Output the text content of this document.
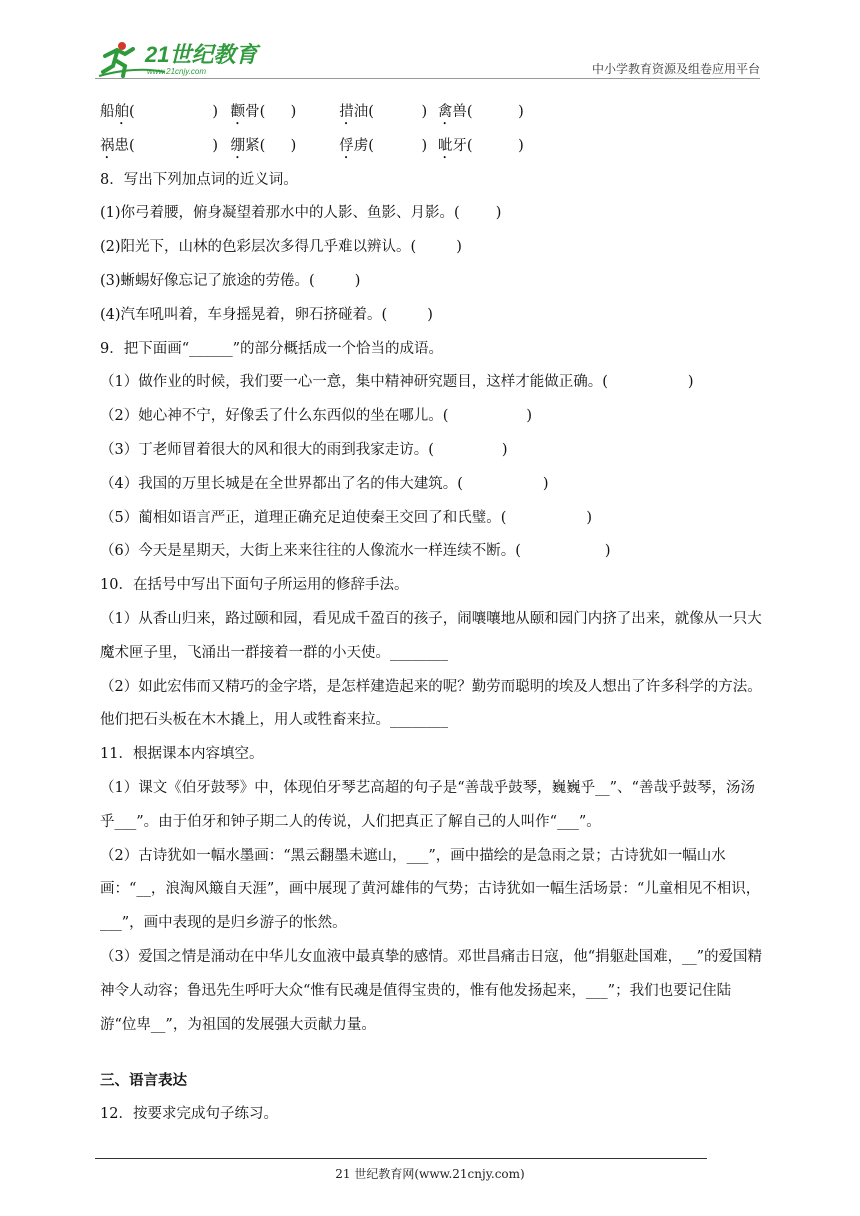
21世纪教育
www.21cnjy.com	中小学教育资源及组卷应用平台
船舶(	) 颧骨( )	措油(	) 禽兽(	)
祸患(	) 绷紧( )	俘虏(	) 呲牙(	)
8．写出下列加点词的近义词。
(1)你弓着腰，俯身凝望着那水中的人影、鱼影、月影。( )
(2)阳光下，山林的色彩层次多得几乎难以辨认。(	)
(3)蜥蜴好像忘记了旅途的劳倦。(	)
(4)汽车吼叫着，车身摇晃着，卵石挤碰着。(	)
9．把下面画“______”的部分概括成一个恰当的成语。
（1）做作业的时候，我们要一心一意，集中精神研究题目，这样才能做正确。(	)
（2）她心神不宁，好像丢了什么东西似的坐在哪儿。(	)
（3）丁老师冒着很大的风和很大的雨到我家走访。(	)
（4）我国的万里长城是在全世界都出了名的伟大建筑。(	)
（5）蔺相如语言严正，道理正确充足迫使秦王交回了和氏璧。(	)
（6）今天是星期天，大街上来来往往的人像流水一样连续不断。(	)
10．在括号中写出下面句子所运用的修辞手法。
（1）从香山归来，路过颐和园，看见成千盈百的孩子，闹嚷嚷地从颐和园门内挤了出来，就像从一只大魔术匣子里，飞涌出一群接着一群的小天使。________
（2）如此宏伟而又精巧的金字塔，是怎样建造起来的呢？勤劳而聪明的埃及人想出了许多科学的方法。他们把石头板在木木撬上，用人或牲畜来拉。________
11．根据课本内容填空。
（1）课文《伯牙鼓琴》中，体现伯牙琴艺高超的句子是“善哉乎鼓琴，巍巍乎__”、“善哉乎鼓琴，汤汤乎___”。由于伯牙和钟子期二人的传说，人们把真正了解自己的人叫作“___”。
（2）古诗犹如一幅水墨画：“黑云翻墨未遮山，___”，画中描绘的是急雨之景；古诗犹如一幅山水画：“__，浪淘风簸自天涯”，画中展现了黄河雄伟的气势；古诗犹如一幅生活场景：“儿童相见不相识，___”，画中表现的是归乡游子的怅然。
（3）爱国之情是涌动在中华儿女血液中最真挚的感情。邓世昌痛击日寇，他“捐躯赴国难，__”的爱国精神令人动容；鲁迅先生呼吁大众“惟有民魂是值得宝贵的，惟有他发扬起来，___”；我们也要记住陆游“位卑__”，为祖国的发展强大贡献力量。
三、语言表达
12．按要求完成句子练习。
21 世纪教育网(www.21cnjy.com)
